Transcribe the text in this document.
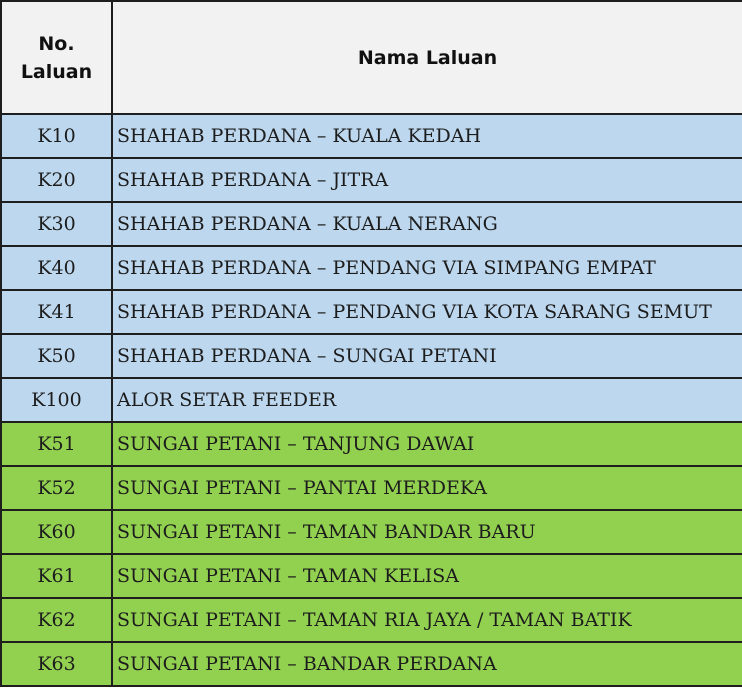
No.
Laluan	Nama Laluan
K10	SHAHAB PERDANA – KUALA KEDAH
K20	SHAHAB PERDANA – JITRA
K30	SHAHAB PERDANA – KUALA NERANG
K40	SHAHAB PERDANA – PENDANG VIA SIMPANG EMPAT
K41	SHAHAB PERDANA – PENDANG VIA KOTA SARANG SEMUT
K50	SHAHAB PERDANA – SUNGAI PETANI
K100	ALOR SETAR FEEDER
K51	SUNGAI PETANI – TANJUNG DAWAI
K52	SUNGAI PETANI – PANTAI MERDEKA
K60	SUNGAI PETANI – TAMAN BANDAR BARU
K61	SUNGAI PETANI – TAMAN KELISA
K62	SUNGAI PETANI – TAMAN RIA JAYA / TAMAN BATIK
K63	SUNGAI PETANI – BANDAR PERDANA
